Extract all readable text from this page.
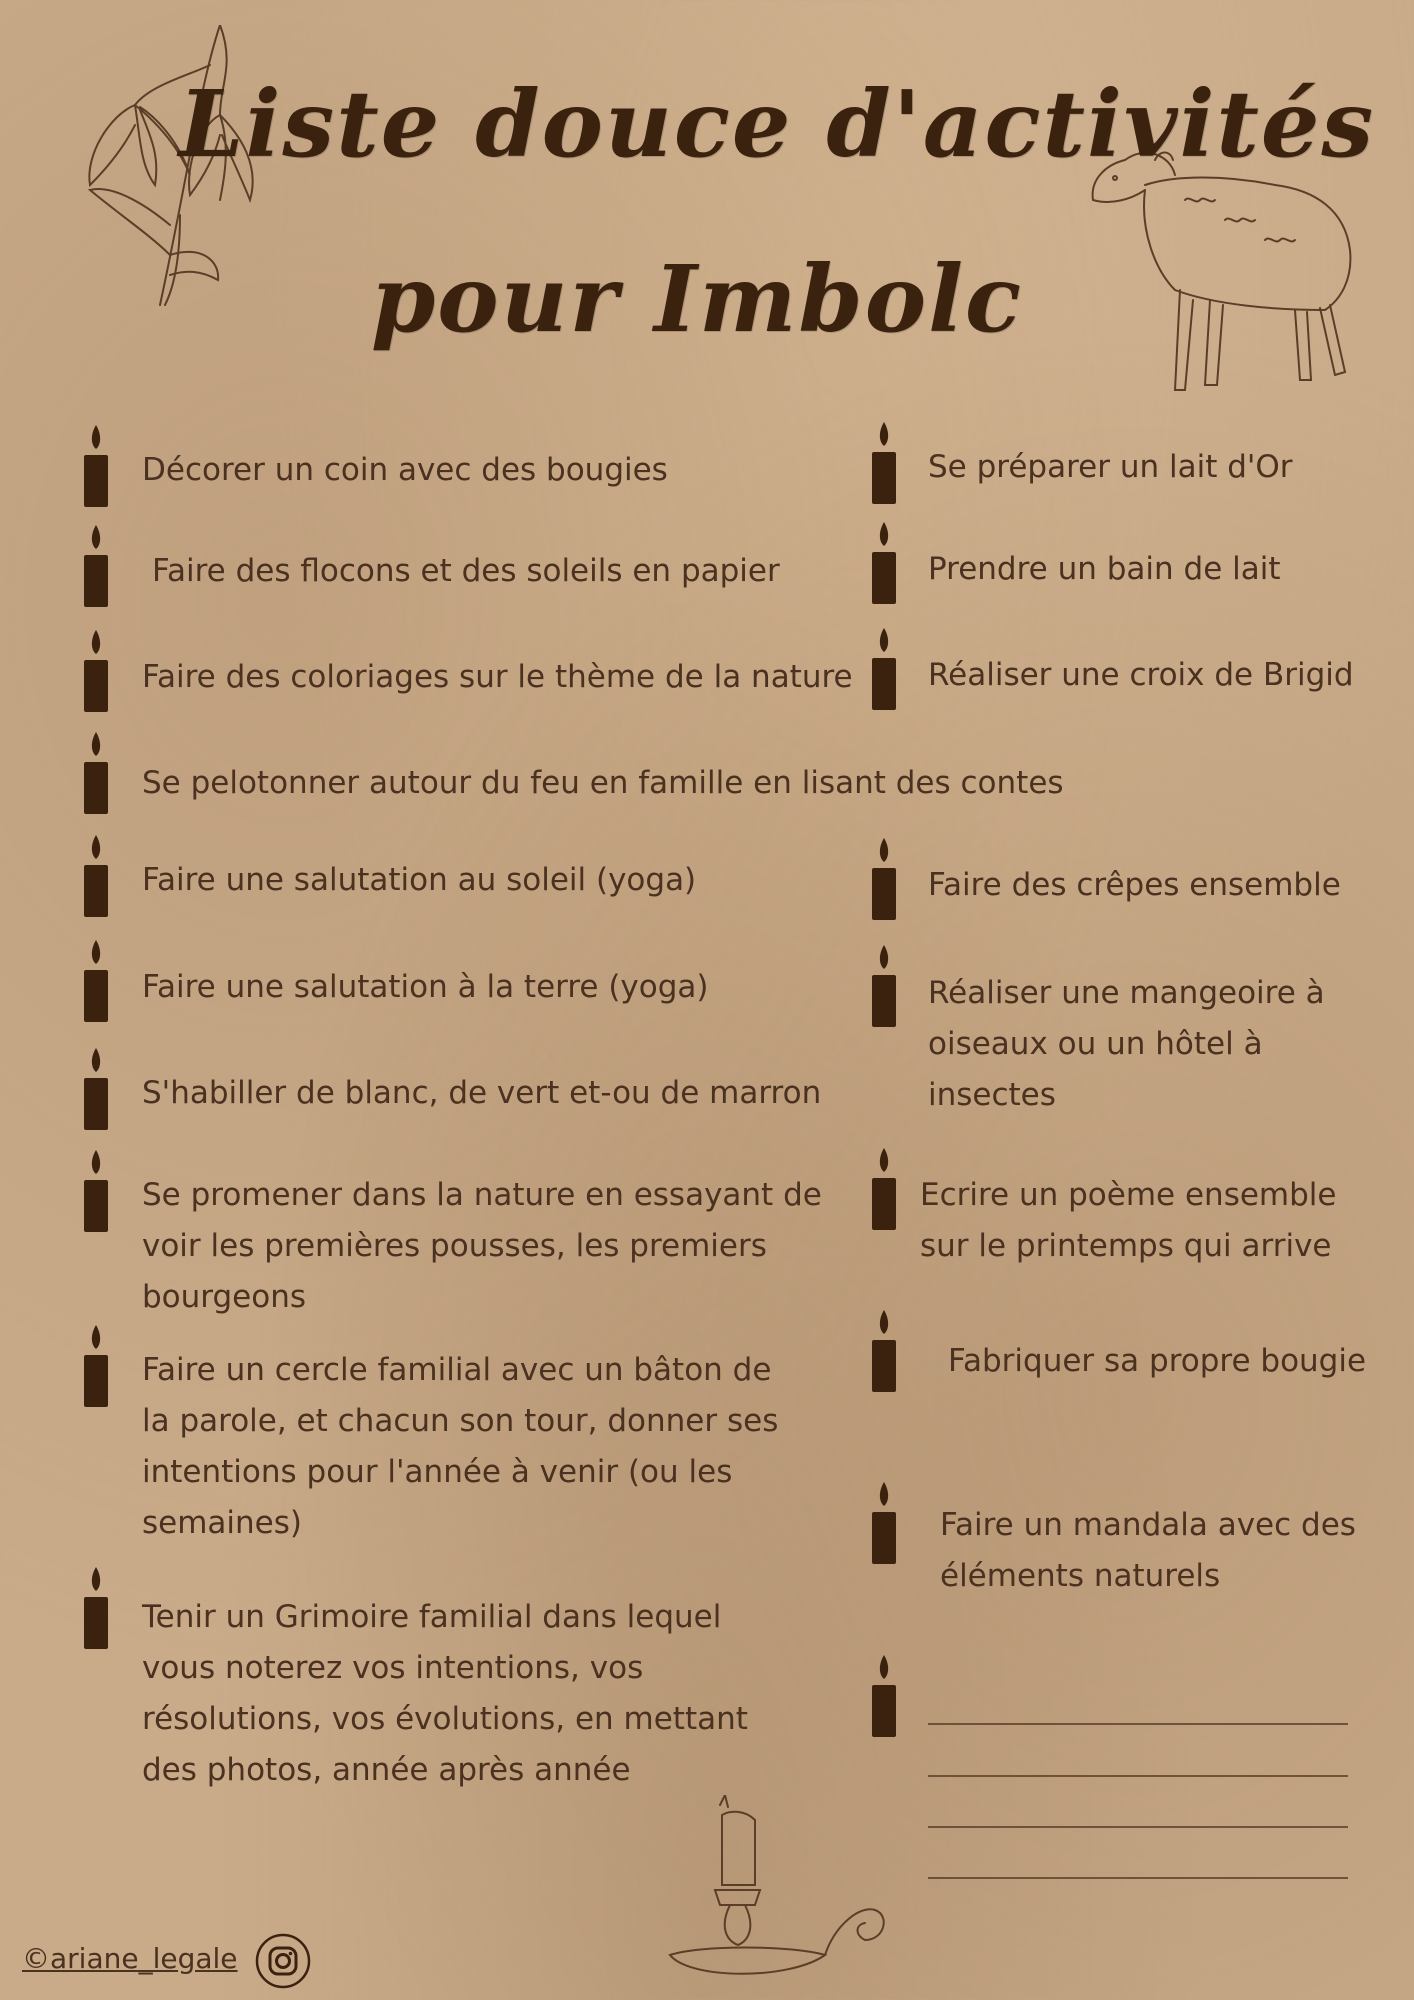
Liste douce d'activités
pour Imbolc
Décorer un coin avec des bougies
Faire des flocons et des soleils en papier
Faire des coloriages sur le thème de la nature
Se pelotonner autour du feu en famille en lisant des contes
Faire une salutation au soleil (yoga)
Faire une salutation à la terre (yoga)
S'habiller de blanc, de vert et-ou de marron
Se promener dans la nature en essayant de voir les premières pousses, les premiers bourgeons
Faire un cercle familial avec un bâton de la parole, et chacun son tour, donner ses intentions pour l'année à venir (ou les semaines)
Tenir un Grimoire familial dans lequel vous noterez vos intentions, vos résolutions, vos évolutions, en mettant des photos, année après année
Se préparer un lait d'Or
Prendre un bain de lait
Réaliser une croix de Brigid
Faire des crêpes ensemble
Réaliser une mangeoire à oiseaux ou un hôtel à insectes
Ecrire un poème ensemble sur le printemps qui arrive
Fabriquer sa propre bougie
Faire un mandala avec des éléments naturels
©ariane_legale
